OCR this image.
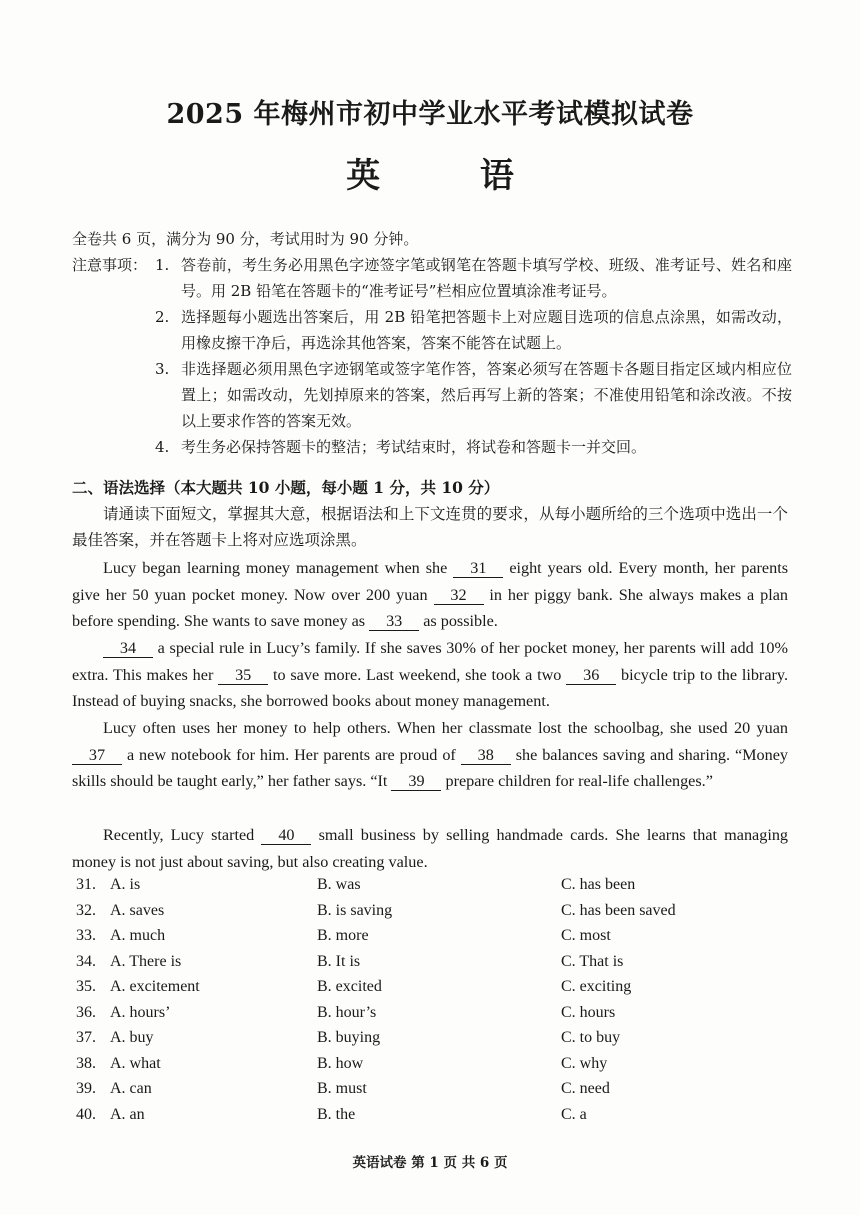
2025 年梅州市初中学业水平考试模拟试卷
英 语
全卷共 6 页，满分为 90 分，考试用时为 90 分钟。
注意事项： 1. 答卷前，考生务必用黑色字迹签字笔或钢笔在答题卡填写学校、班级、准考证号、姓名和座号。用 2B 铅笔在答题卡的“准考证号”栏相应位置填涂准考证号。
2. 选择题每小题选出答案后，用 2B 铅笔把答题卡上对应题目选项的信息点涂黑，如需改动，用橡皮擦干净后，再选涂其他答案，答案不能答在试题上。
3. 非选择题必须用黑色字迹钢笔或签字笔作答，答案必须写在答题卡各题目指定区域内相应位置上；如需改动，先划掉原来的答案，然后再写上新的答案；不准使用铅笔和涂改液。不按以上要求作答的答案无效。
4. 考生务必保持答题卡的整洁；考试结束时，将试卷和答题卡一并交回。
二、语法选择（本大题共 10 小题，每小题 1 分，共 10 分）
请通读下面短文，掌握其大意，根据语法和上下文连贯的要求，从每小题所给的三个选项中选出一个最佳答案，并在答题卡上将对应选项涂黑。
Lucy began learning money management when she 31 eight years old. Every month, her parents give her 50 yuan pocket money. Now over 200 yuan 32 in her piggy bank. She always makes a plan before spending. She wants to save money as 33 as possible.
34 a special rule in Lucy’s family. If she saves 30% of her pocket money, her parents will add 10% extra. This makes her 35 to save more. Last weekend, she took a two 36 bicycle trip to the library. Instead of buying snacks, she borrowed books about money management.
Lucy often uses her money to help others. When her classmate lost the schoolbag, she used 20 yuan 37 a new notebook for him. Her parents are proud of 38 she balances saving and sharing. “Money skills should be taught early,” her father says. “It 39 prepare children for real-life challenges.”
Recently, Lucy started 40 small business by selling handmade cards. She learns that managing money is not just about saving, but also creating value.
31. A. is	B. was	C. has been
32. A. saves	B. is saving	C. has been saved
33. A. much	B. more	C. most
34. A. There is	B. It is	C. That is
35. A. excitement	B. excited	C. exciting
36. A. hours’	B. hour’s	C. hours
37. A. buy	B. buying	C. to buy
38. A. what	B. how	C. why
39. A. can	B. must	C. need
40. A. an	B. the	C. a
英语试卷 第 1 页 共 6 页
